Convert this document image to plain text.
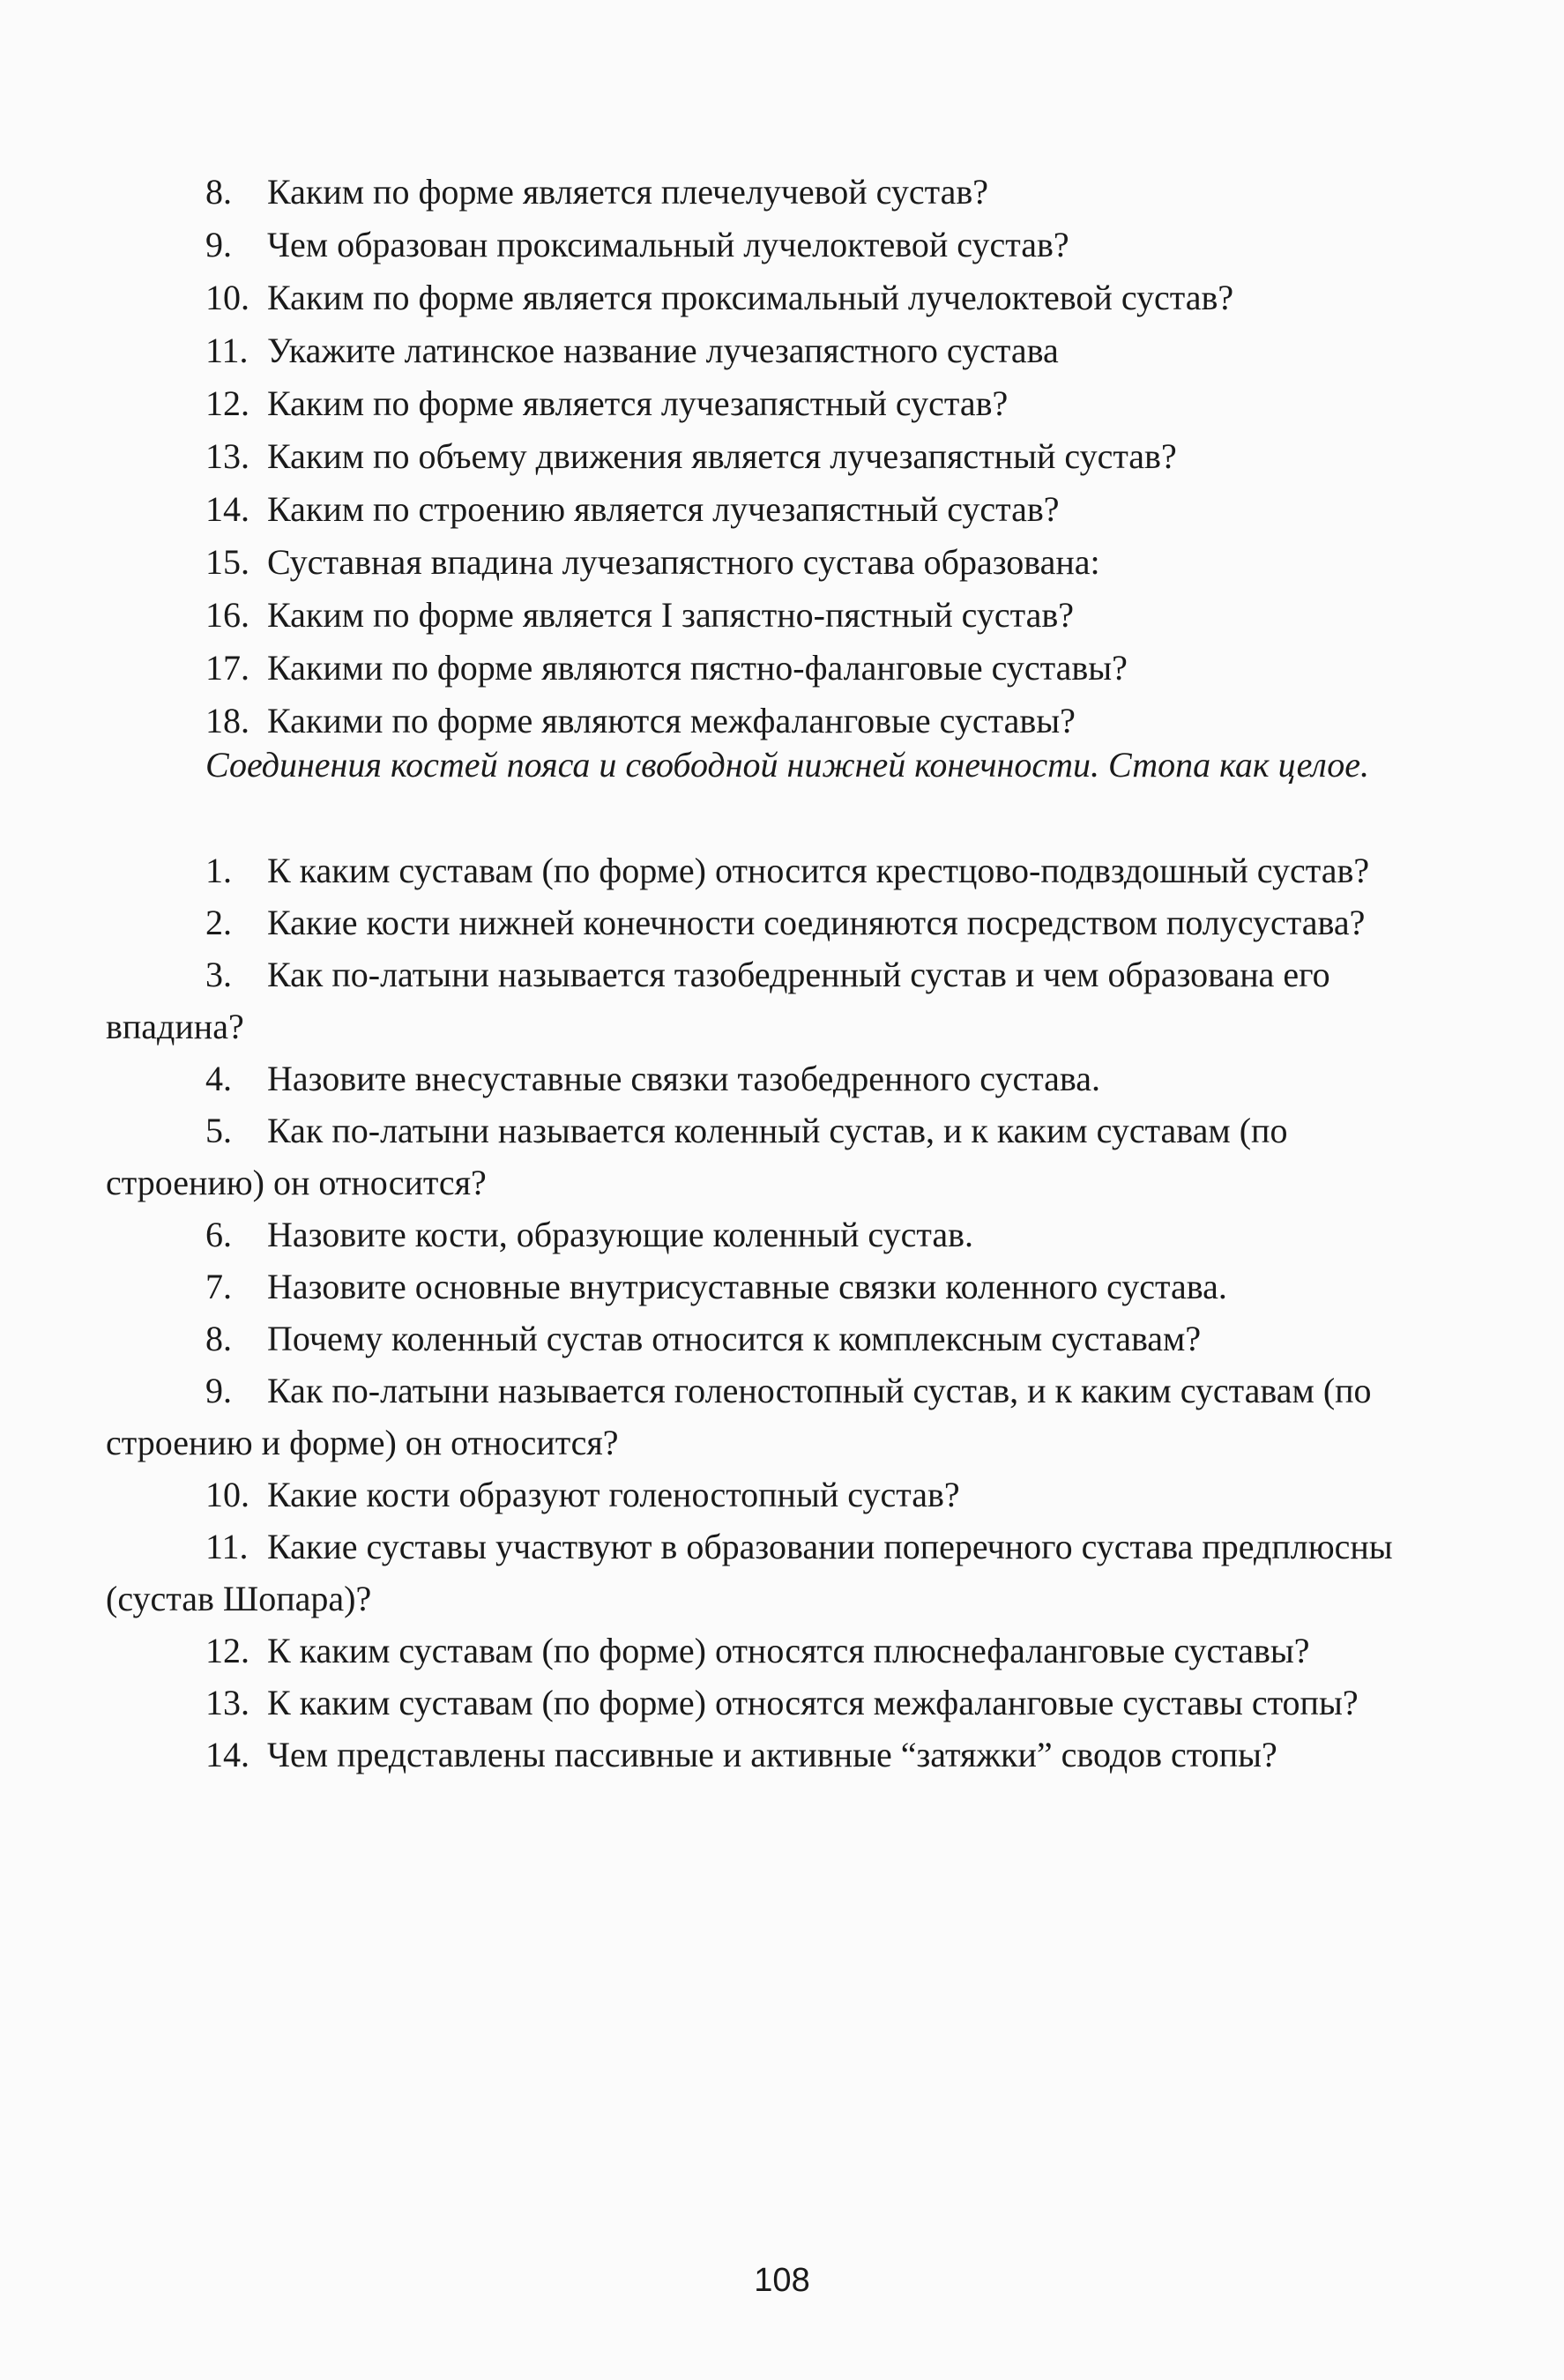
8.	Каким по форме является плечелучевой сустав?
9.	Чем образован проксимальный лучелоктевой сустав?
10. Каким по форме является проксимальный лучелоктевой сустав?
11. Укажите латинское название лучезапястного сустава
12. Каким по форме является лучезапястный сустав?
13. Каким по объему движения является лучезапястный сустав?
14. Каким по строению является лучезапястный сустав?
15. Суставная впадина лучезапястного сустава образована:
16. Каким по форме является I запястно-пястный сустав?
17. Какими по форме являются пястно-фаланговые суставы?
18. Какими по форме являются межфаланговые суставы?

Соединения костей пояса и свободной нижней конечности. Стопа как целое.

1. К каким суставам (по форме) относится крестцово-подвздошный сустав?

2. Какие кости нижней конечности соединяются посредством полусустава?

3. Как по-латыни называется тазобедренный сустав и чем образована его впадина?

4. Назовите внесуставные связки тазобедренного сустава.

5. Как по-латыни называется коленный сустав, и к каким суставам (по строению) он относится?

6. Назовите кости, образующие коленный сустав.

7. Назовите основные внутрисуставные связки коленного сустава.

8. Почему коленный сустав относится к комплексным суставам?

9. Как по-латыни называется голеностопный сустав, и к каким суставам (по строению и форме) он относится?

10. Какие кости образуют голеностопный сустав?

11. Какие суставы участвуют в образовании поперечного сустава предплюсны (сустав Шопара)?

12. К каким суставам (по форме) относятся плюснефаланговые суставы?

13. К каким суставам (по форме) относятся межфаланговые суставы стопы?

14. Чем представлены пассивные и активные “затяжки” сводов стопы?

108
